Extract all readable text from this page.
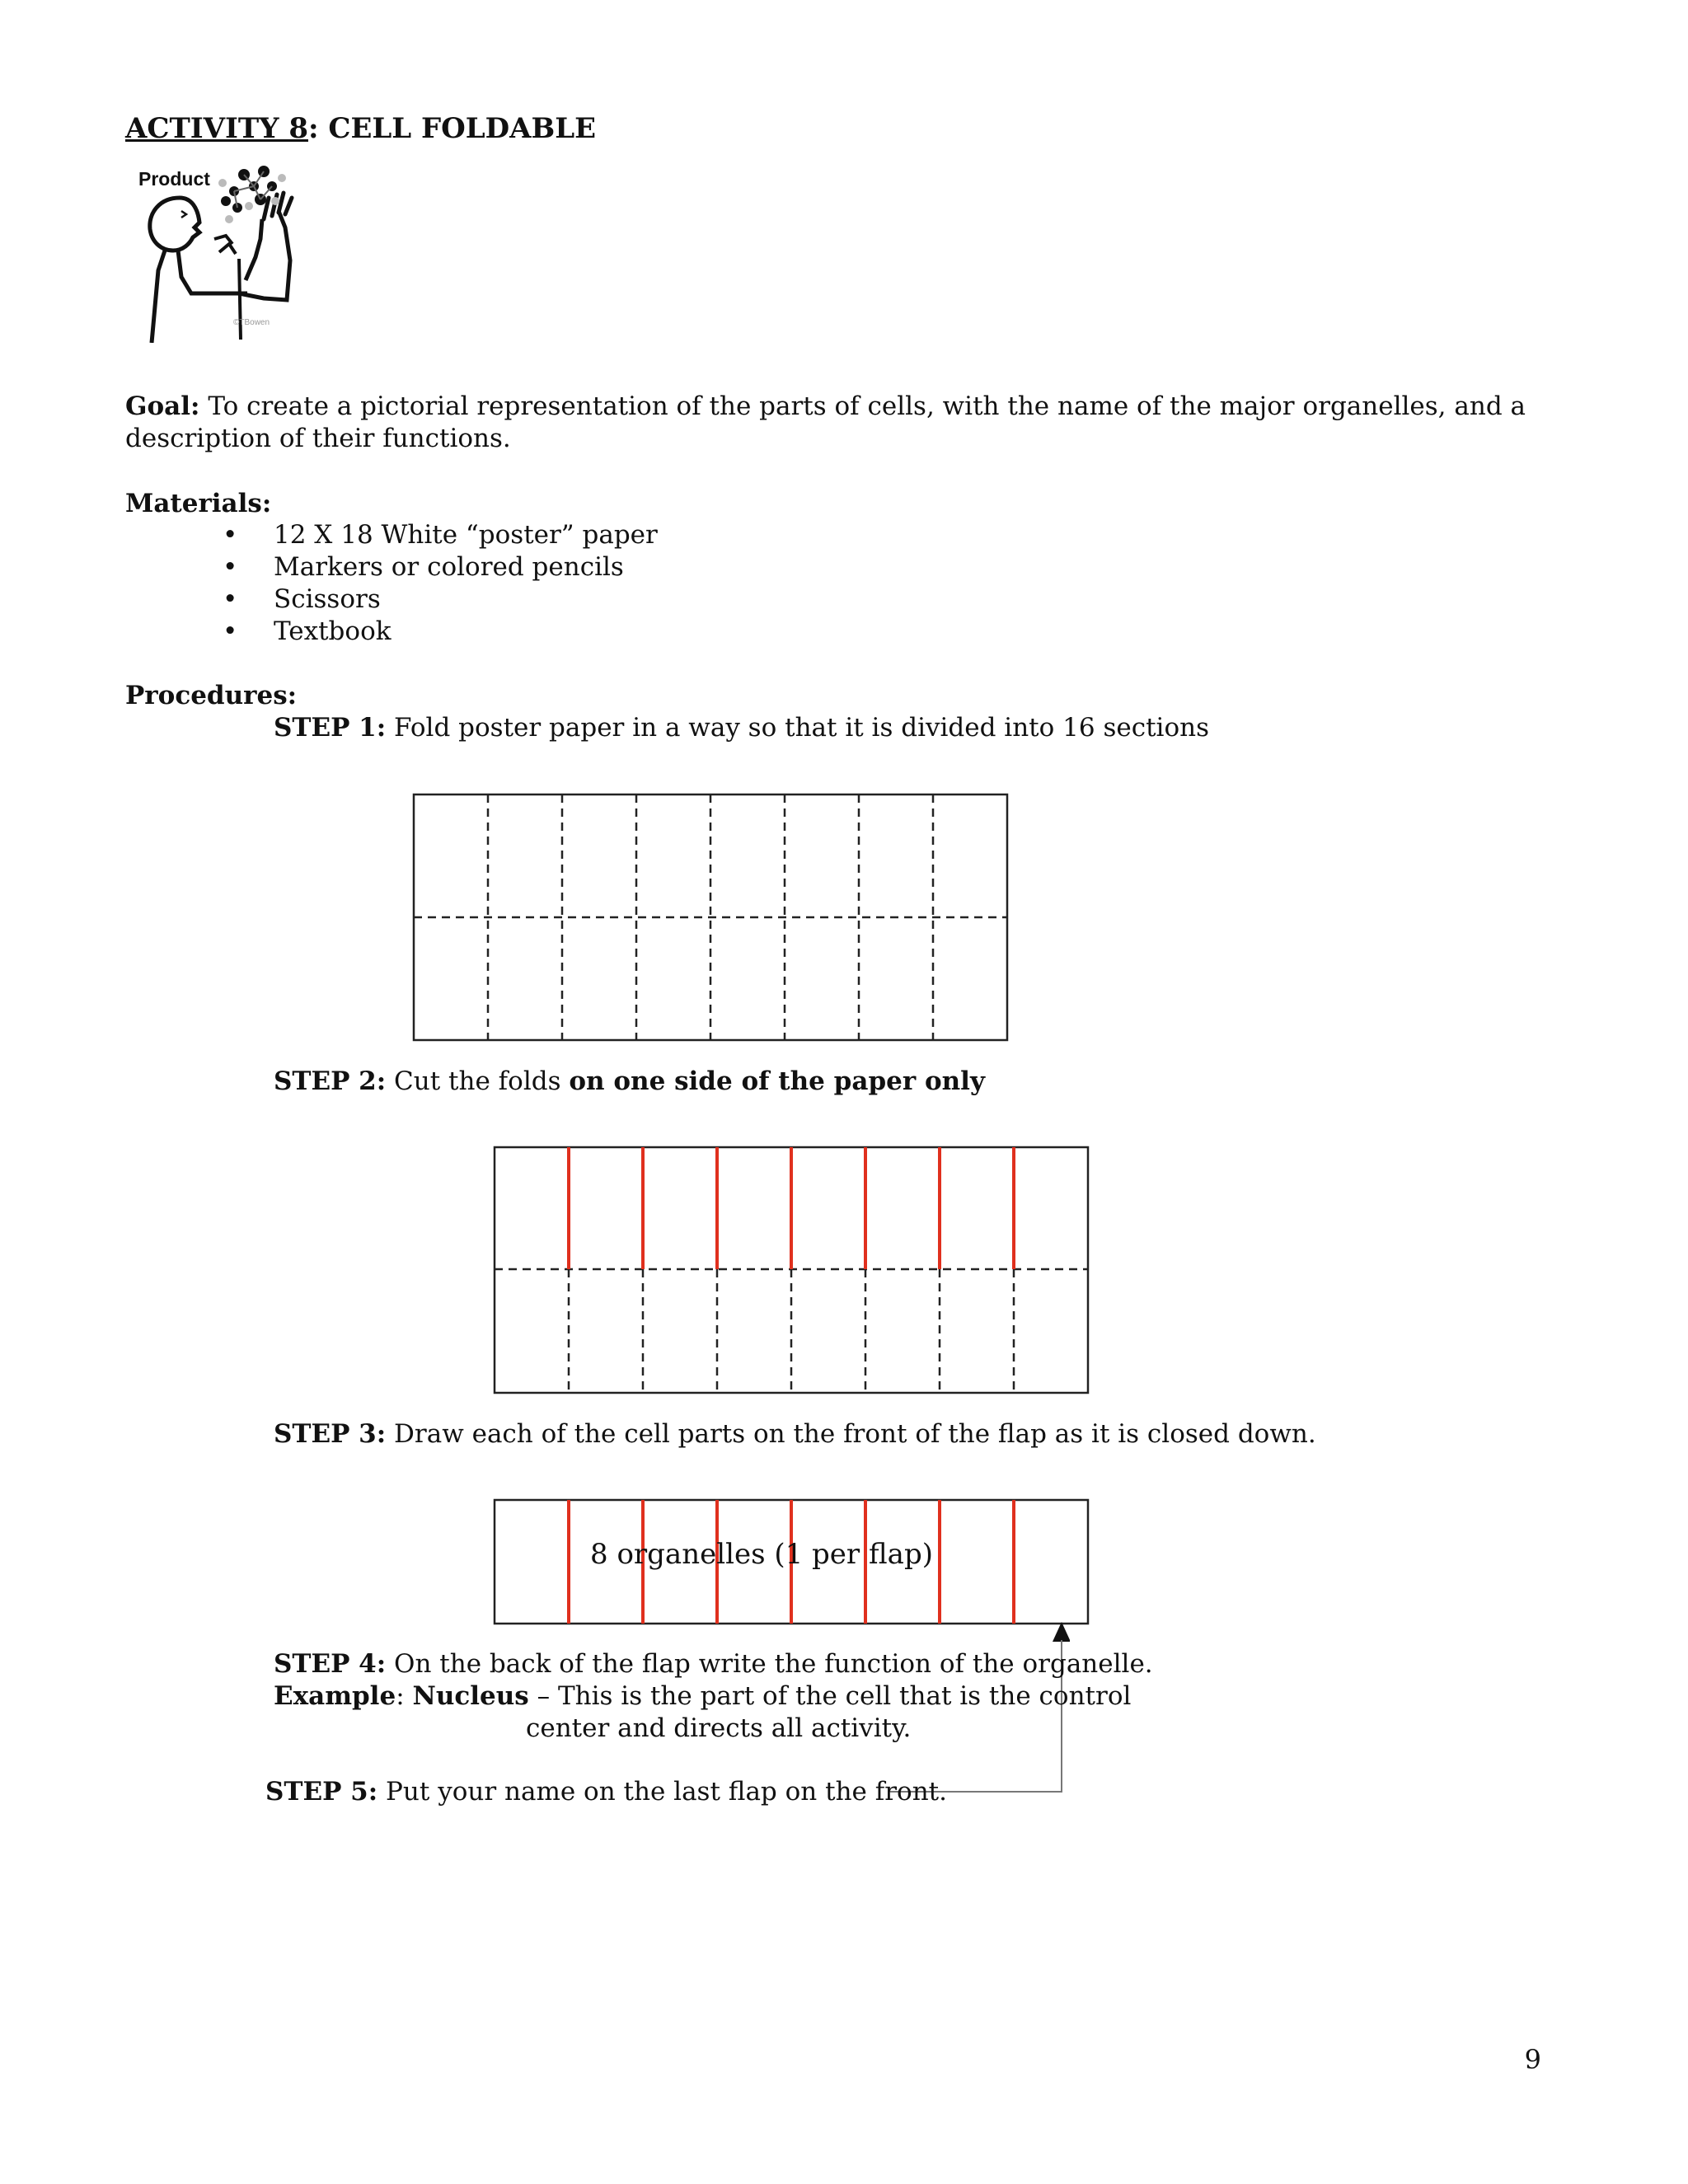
ACTIVITY 8: CELL FOLDABLE
Product
©TBowen
Goal: To create a pictorial representation of the parts of cells, with the name of the major organelles, and a description of their functions.
Materials:
• 12 X 18 White “poster” paper
• Markers or colored pencils
• Scissors
• Textbook
Procedures:
STEP 1: Fold poster paper in a way so that it is divided into 16 sections
STEP 2: Cut the folds on one side of the paper only
STEP 3: Draw each of the cell parts on the front of the flap as it is closed down.
8 organelles (1 per flap)
STEP 4: On the back of the flap write the function of the organelle.
Example: Nucleus – This is the part of the cell that is the control
center and directs all activity.
STEP 5: Put your name on the last flap on the front.
9
